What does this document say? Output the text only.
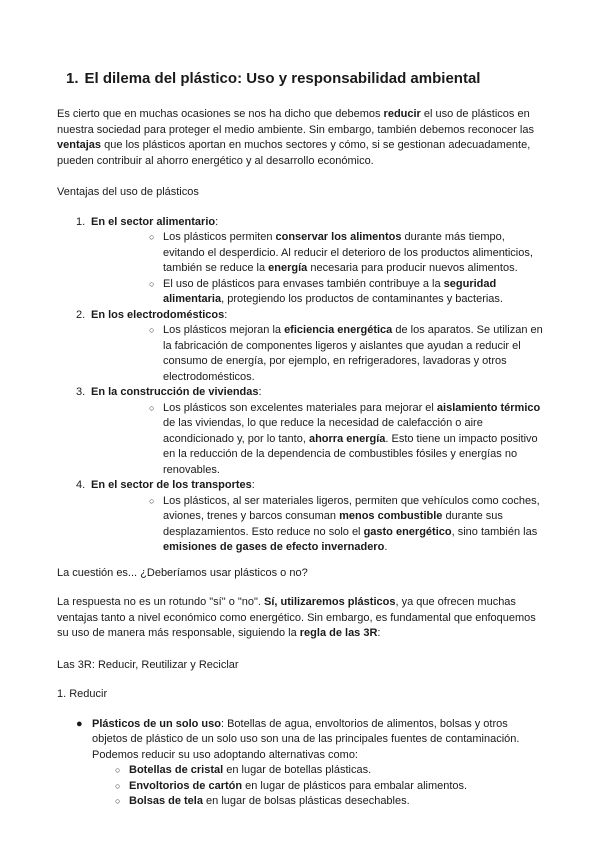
1. El dilema del plástico: Uso y responsabilidad ambiental

Es cierto que en muchas ocasiones se nos ha dicho que debemos reducir el uso de plásticos en nuestra sociedad para proteger el medio ambiente. Sin embargo, también debemos reconocer las ventajas que los plásticos aportan en muchos sectores y cómo, si se gestionan adecuadamente, pueden contribuir al ahorro energético y al desarrollo económico.

Ventajas del uso de plásticos

1. En el sector alimentario:
○ Los plásticos permiten conservar los alimentos durante más tiempo, evitando el desperdicio. Al reducir el deterioro de los productos alimenticios, también se reduce la energía necesaria para producir nuevos alimentos.
○ El uso de plásticos para envases también contribuye a la seguridad alimentaria, protegiendo los productos de contaminantes y bacterias.
2. En los electrodomésticos:
○ Los plásticos mejoran la eficiencia energética de los aparatos. Se utilizan en la fabricación de componentes ligeros y aislantes que ayudan a reducir el consumo de energía, por ejemplo, en refrigeradores, lavadoras y otros electrodomésticos.
3. En la construcción de viviendas:
○ Los plásticos son excelentes materiales para mejorar el aislamiento térmico de las viviendas, lo que reduce la necesidad de calefacción o aire acondicionado y, por lo tanto, ahorra energía. Esto tiene un impacto positivo en la reducción de la dependencia de combustibles fósiles y energías no renovables.
4. En el sector de los transportes:
○ Los plásticos, al ser materiales ligeros, permiten que vehículos como coches, aviones, trenes y barcos consuman menos combustible durante sus desplazamientos. Esto reduce no solo el gasto energético, sino también las emisiones de gases de efecto invernadero.

La cuestión es... ¿Deberíamos usar plásticos o no?

La respuesta no es un rotundo "sí" o "no". Sí, utilizaremos plásticos, ya que ofrecen muchas ventajas tanto a nivel económico como energético. Sin embargo, es fundamental que enfoquemos su uso de manera más responsable, siguiendo la regla de las 3R:

Las 3R: Reducir, Reutilizar y Reciclar

1. Reducir

● Plásticos de un solo uso: Botellas de agua, envoltorios de alimentos, bolsas y otros objetos de plástico de un solo uso son una de las principales fuentes de contaminación. Podemos reducir su uso adoptando alternativas como:
○ Botellas de cristal en lugar de botellas plásticas.
○ Envoltorios de cartón en lugar de plásticos para embalar alimentos.
○ Bolsas de tela en lugar de bolsas plásticas desechables.
